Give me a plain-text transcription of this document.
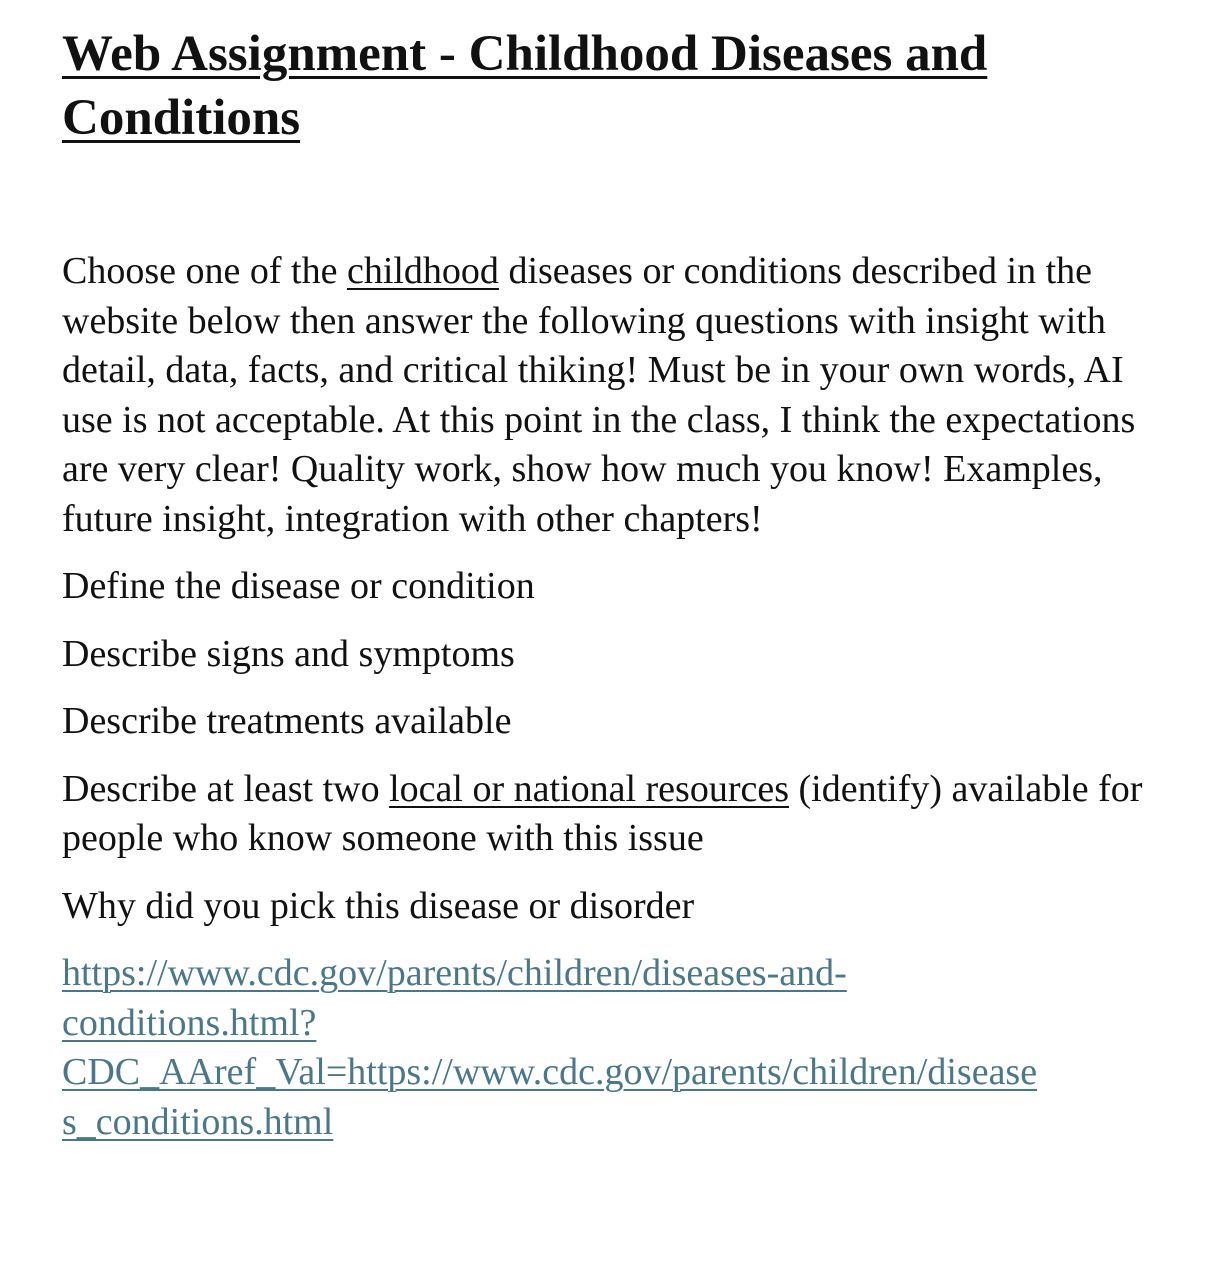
Web Assignment - Childhood Diseases and Conditions

Choose one of the childhood diseases or conditions described in the website below then answer the following questions with insight with detail, data, facts, and critical thiking! Must be in your own words, AI use is not acceptable. At this point in the class, I think the expectations are very clear! Quality work, show how much you know! Examples, future insight, integration with other chapters!

Define the disease or condition

Describe signs and symptoms

Describe treatments available

Describe at least two local or national resources (identify) available for people who know someone with this issue

Why did you pick this disease or disorder

https://www.cdc.gov/parents/children/diseases-and-
conditions.html?
CDC_AAref_Val=https://www.cdc.gov/parents/children/disease
s_conditions.html
